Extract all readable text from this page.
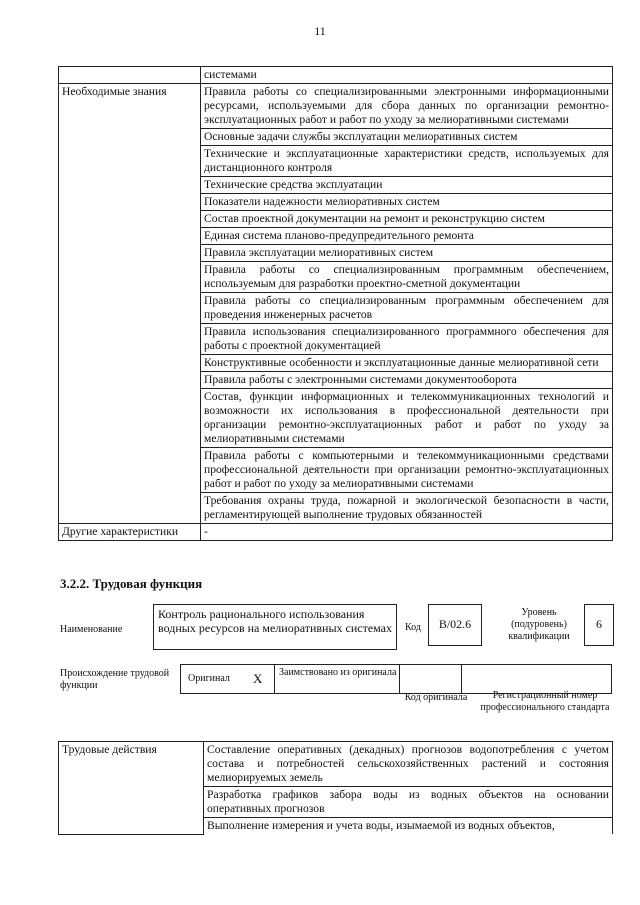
11
	системами
Необходимые знания	Правила работы со специализированными электронными информационными ресурсами, используемыми для сбора данных по организации ремонтно-эксплуатационных работ и работ по уходу за мелиоративными системами
	Основные задачи службы эксплуатации мелиоративных систем
	Технические и эксплуатационные характеристики средств, используемых для дистанционного контроля
	Технические средства эксплуатации
	Показатели надежности мелиоративных систем
	Состав проектной документации на ремонт и реконструкцию систем
	Единая система планово-предупредительного ремонта
	Правила эксплуатации мелиоративных систем
	Правила работы со специализированным программным обеспечением, используемым для разработки проектно-сметной документации
	Правила работы со специализированным программным обеспечением для проведения инженерных расчетов
	Правила использования специализированного программного обеспечения для работы с проектной документацией
	Конструктивные особенности и эксплуатационные данные мелиоративной сети
	Правила работы с электронными системами документооборота
	Состав, функции информационных и телекоммуникационных технологий и возможности их использования в профессиональной деятельности при организации ремонтно-эксплуатационных работ и работ по уходу за мелиоративными системами
	Правила работы с компьютерными и телекоммуникационными средствами профессиональной деятельности при организации ремонтно-эксплуатационных работ и работ по уходу за мелиоративными системами
	Требования охраны труда, пожарной и экологической безопасности в части, регламентирующей выполнение трудовых обязанностей
Другие характеристики	-
3.2.2. Трудовая функция
Наименование
Контроль рационального использования водных ресурсов на мелиоративных системах	Код	B/02.6
Уровень (подуровень) квалификации
6
Происхождение трудовой функции
Оригинал X Заимствовано из оригинала
Код оригинала	Регистрационный номер профессионального стандарта
Трудовые действия	Составление оперативных (декадных) прогнозов водопотребления с учетом состава и потребностей сельскохозяйственных растений и состояния мелиорируемых земель
Разработка графиков забора воды из водных объектов на основании оперативных прогнозов
Выполнение измерения и учета воды, изымаемой из водных объектов,
